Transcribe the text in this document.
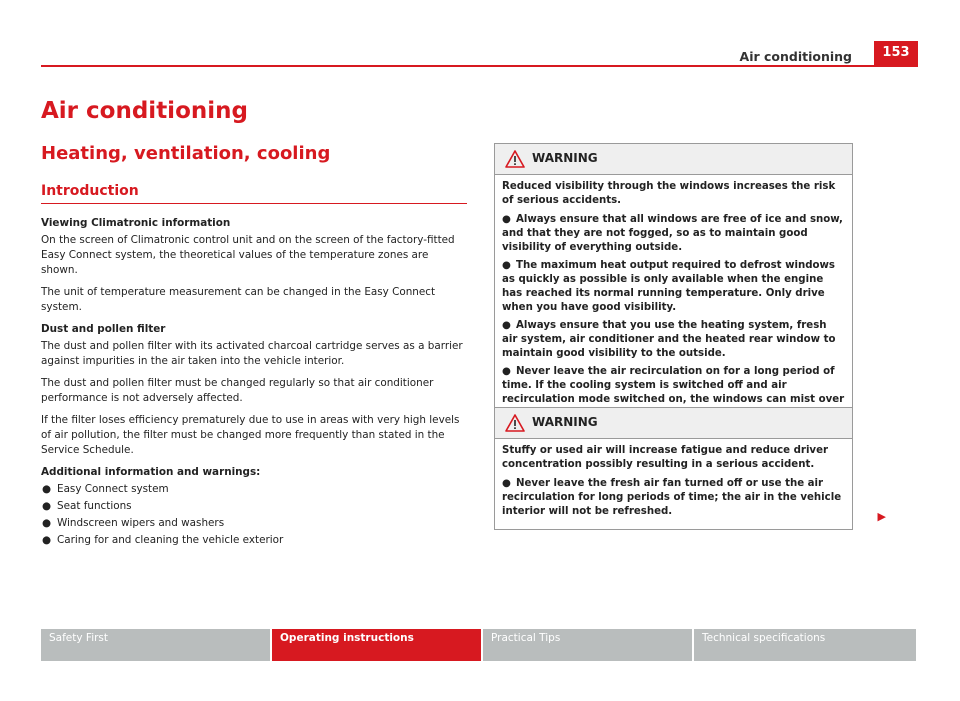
Air conditioning	153
Air conditioning
Heating, ventilation, cooling
Introduction

Viewing Climatronic information

On the screen of Climatronic control unit and on the screen of the factory-fitted Easy Connect system, the theoretical values of the temperature zones are shown.

The unit of temperature measurement can be changed in the Easy Connect system.

Dust and pollen filter

The dust and pollen filter with its activated charcoal cartridge serves as a barrier against impurities in the air taken into the vehicle interior.

The dust and pollen filter must be changed regularly so that air conditioner performance is not adversely affected.

If the filter loses efficiency prematurely due to use in areas with very high levels of air pollution, the filter must be changed more frequently than stated in the Service Schedule.

Additional information and warnings:

● Easy Connect system
● Seat functions
● Windscreen wipers and washers
● Caring for and cleaning the vehicle exterior
WARNING

Reduced visibility through the windows increases the risk of serious accidents.

● Always ensure that all windows are free of ice and snow, and that they are not fogged, so as to maintain good visibility of everything outside.
● The maximum heat output required to defrost windows as quickly as possible is only available when the engine has reached its normal running temperature. Only drive when you have good visibility.
● Always ensure that you use the heating system, fresh air system, air conditioner and the heated rear window to maintain good visibility to the outside.
● Never leave the air recirculation on for a long period of time. If the cooling system is switched off and air recirculation mode switched on, the windows can mist over
WARNING

Stuffy or used air will increase fatigue and reduce driver concentration possibly resulting in a serious accident.

● Never leave the fresh air fan turned off or use the air recirculation for long periods of time; the air in the vehicle interior will not be refreshed.	▶
Safety First	Operating instructions	Practical Tips	Technical specifications
